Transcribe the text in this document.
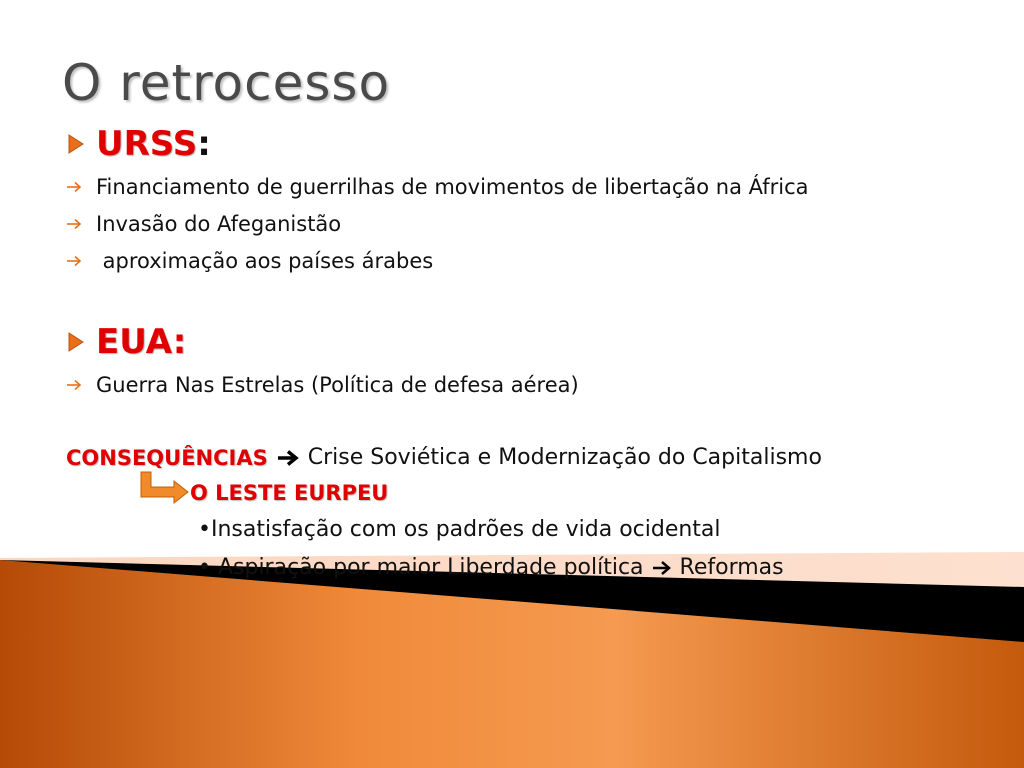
O retrocesso
URSS :
Financiamento de guerrilhas de movimentos de libertação na África
Invasão do Afeganistão
aproximação aos países árabes
EUA:
Guerra Nas Estrelas (Política de defesa aérea)
CONSEQUÊNCIAS Crise Soviética e Modernização do Capitalismo
O LESTE EURPEU
•Insatisfação com os padrões de vida ocidental
• Aspiração por maior Liberdade política Reformas
